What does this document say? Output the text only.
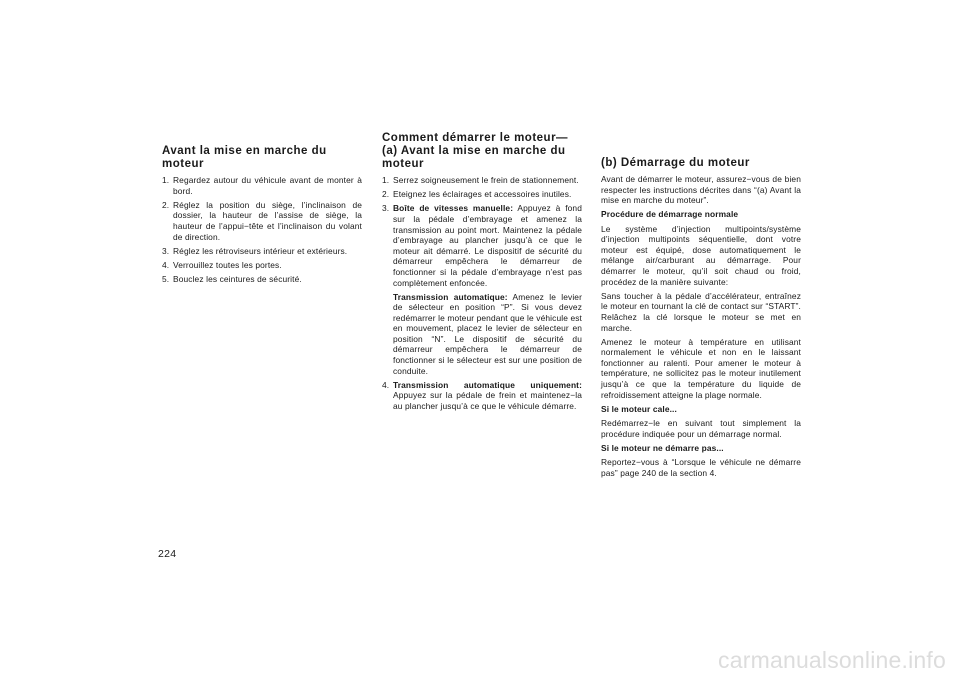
Avant la mise en marche du moteur
1. Regardez autour du véhicule avant de monter à bord.
2. Réglez la position du siège, l’inclinaison de dossier, la hauteur de l’assise de siège, la hauteur de l’appui−tête et l’inclinaison du volant de direction.
3. Réglez les rétroviseurs intérieur et extérieurs.
4. Verrouillez toutes les portes.
5. Bouclez les ceintures de sécurité.
Comment démarrer le moteur— (a) Avant la mise en marche du moteur
1. Serrez soigneusement le frein de stationnement.
2. Eteignez les éclairages et accessoires inutiles.
3. Boîte de vitesses manuelle: Appuyez à fond sur la pédale d’embrayage et amenez la transmission au point mort. Maintenez la pédale d’embrayage au plancher jusqu’à ce que le moteur ait démarré. Le dispositif de sécurité du démarreur empêchera le démarreur de fonctionner si la pédale d’embrayage n’est pas complètement enfoncée.
Transmission automatique: Amenez le levier de sélecteur en position “P”. Si vous devez redémarrer le moteur pendant que le véhicule est en mouvement, placez le levier de sélecteur en position “N”. Le dispositif de sécurité du démarreur empêchera le démarreur de fonctionner si le sélecteur est sur une position de conduite.
4. Transmission automatique uniquement: Appuyez sur la pédale de frein et maintenez−la au plancher jusqu’à ce que le véhicule démarre.
(b) Démarrage du moteur

Avant de démarrer le moteur, assurez−vous de bien respecter les instructions décrites dans “(a) Avant la mise en marche du moteur”.

Procédure de démarrage normale

Le système d’injection multipoints/système d’injection multipoints séquentielle, dont votre moteur est équipé, dose automatiquement le mélange air/carburant au démarrage. Pour démarrer le moteur, qu’il soit chaud ou froid, procédez de la manière suivante:

Sans toucher à la pédale d’accélérateur, entraînez le moteur en tournant la clé de contact sur “START”. Relâchez la clé lorsque le moteur se met en marche.

Amenez le moteur à température en utilisant normalement le véhicule et non en le laissant fonctionner au ralenti. Pour amener le moteur à température, ne sollicitez pas le moteur inutilement jusqu’à ce que la température du liquide de refroidissement atteigne la plage normale.

Si le moteur cale...

Redémarrez−le en suivant tout simplement la procédure indiquée pour un démarrage normal.

Si le moteur ne démarre pas...

Reportez−vous à “Lorsque le véhicule ne démarre pas” page 240 de la section 4.

224
carmanualsonline.info
